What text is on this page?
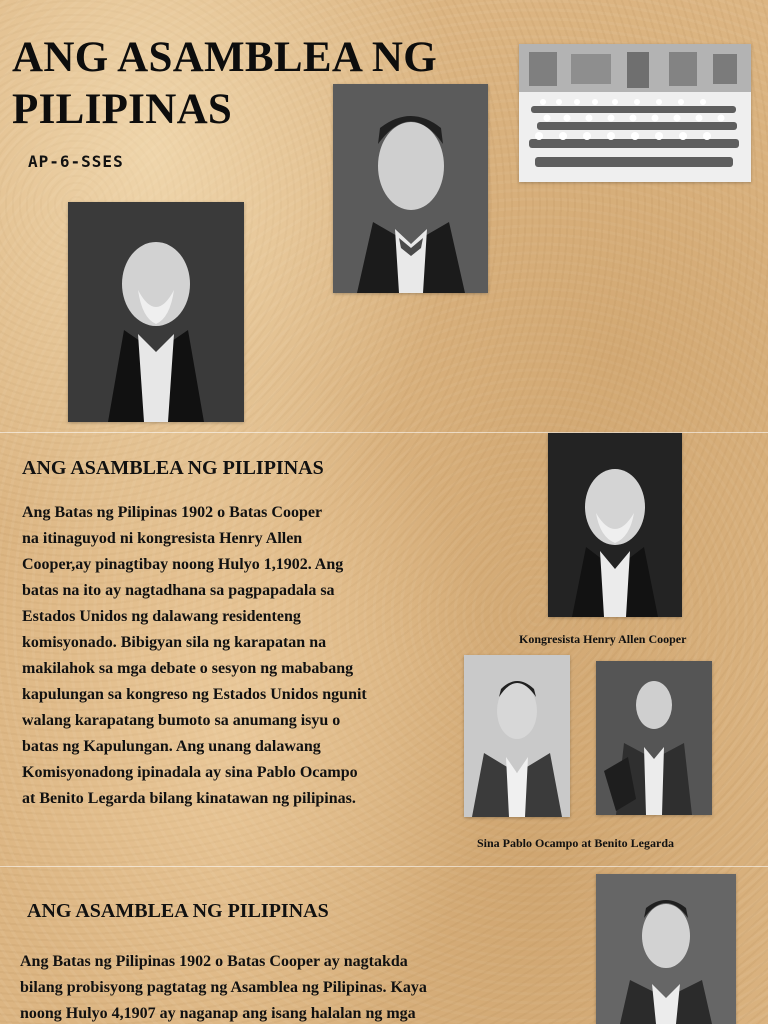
ANG ASAMBLEA NG PILIPINAS
AP-6-SSES
ANG ASAMBLEA NG PILIPINAS

Ang Batas ng Pilipinas 1902 o Batas Cooper
na itinaguyod ni kongresista Henry Allen
Cooper,ay pinagtibay noong Hulyo 1,1902. Ang
batas na ito ay nagtadhana sa pagpapadala sa
Estados Unidos ng dalawang residenteng
komisyonado. Bibigyan sila ng karapatan na
makilahok sa mga debate o sesyon ng mababang
kapulungan sa kongreso ng Estados Unidos ngunit
walang karapatang bumoto sa anumang isyu o
batas ng Kapulungan. Ang unang dalawang
Komisyonadong ipinadala ay sina Pablo Ocampo
at Benito Legarda bilang kinatawan ng pilipinas.

Kongresista Henry Allen Cooper
Sina Pablo Ocampo at Benito Legarda
ANG ASAMBLEA NG PILIPINAS

Ang Batas ng Pilipinas 1902 o Batas Cooper ay nagtakda
bilang probisyong pagtatag ng Asamblea ng Pilipinas. Kaya
noong Hulyo 4,1907 ay naganap ang isang halalan ng mga
